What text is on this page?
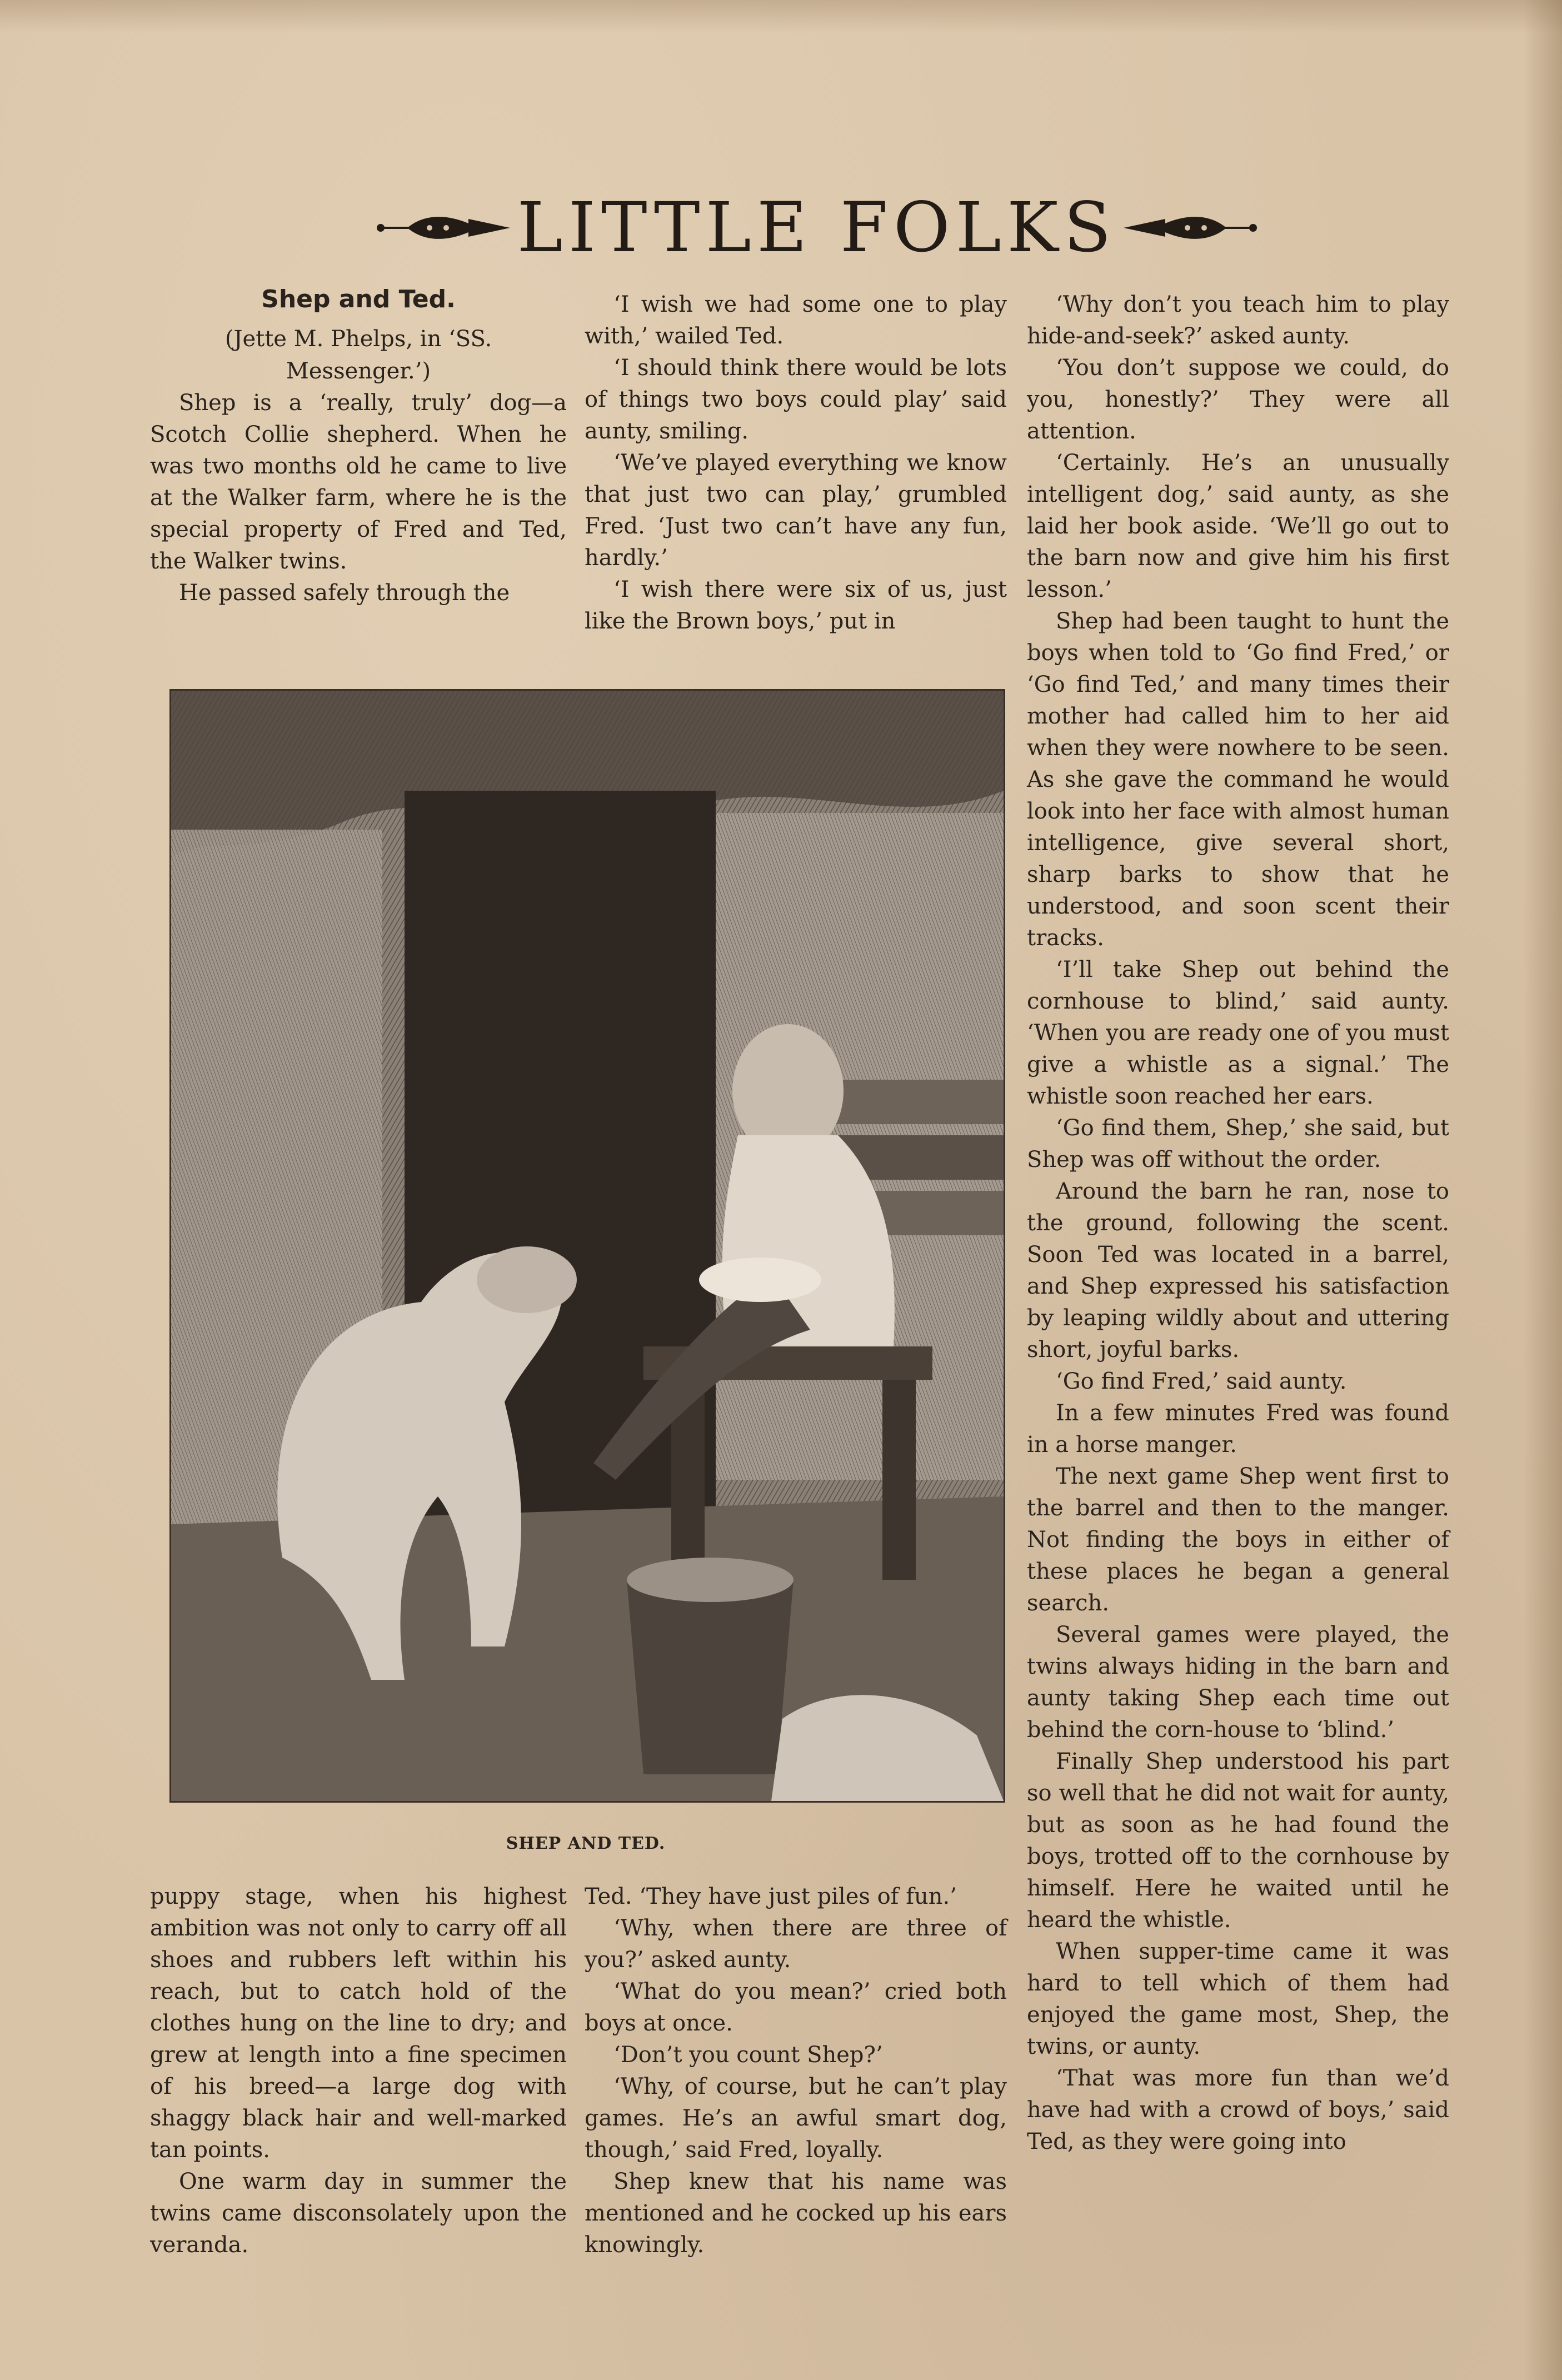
LITTLE FOLKS
Shep and Ted.

(Jette M. Phelps, in ‘SS. Messenger.’)

Shep is a ‘really, truly’ dog—a Scotch Collie shepherd. When he was two months old he came to live at the Walker farm, where he is the special property of Fred and Ted, the Walker twins.

He passed safely through the

‘I wish we had some one to play with,’ wailed Ted.

‘I should think there would be lots of things two boys could play’ said aunty, smiling.

‘We’ve played everything we know that just two can play,’ grumbled Fred. ‘Just two can’t have any fun, hardly.’

‘I wish there were six of us, just like the Brown boys,’ put in

‘Why don’t you teach him to play hide-and-seek?’ asked aunty.

‘You don’t suppose we could, do you, honestly?’ They were all attention.

‘Certainly. He’s an unusually intelligent dog,’ said aunty, as she laid her book aside. ‘We’ll go out to the barn now and give him his first lesson.’

Shep had been taught to hunt the boys when told to ‘Go find Fred,’ or ‘Go find Ted,’ and many times their mother had called him to her aid when they were nowhere to be seen. As she gave the command he would look into her face with almost human intelligence, give several short, sharp barks to show that he understood, and soon scent their tracks.

‘I’ll take Shep out behind the cornhouse to blind,’ said aunty. ‘When you are ready one of you must give a whistle as a signal.’ The whistle soon reached her ears.

‘Go find them, Shep,’ she said, but Shep was off without the order.

Around the barn he ran, nose to the ground, following the scent. Soon Ted was located in a barrel, and Shep expressed his satisfaction by leaping wildly about and uttering short, joyful barks.

‘Go find Fred,’ said aunty.

In a few minutes Fred was found in a horse manger.

The next game Shep went first to the barrel and then to the manger. Not finding the boys in either of these places he began a general search.

Several games were played, the twins always hiding in the barn and aunty taking Shep each time out behind the corn-house to ‘blind.’

Finally Shep understood his part so well that he did not wait for aunty, but as soon as he had found the boys, trotted off to the cornhouse by himself. Here he waited until he heard the whistle.

When supper-time came it was hard to tell which of them had enjoyed the game most, Shep, the twins, or aunty.

‘That was more fun than we’d have had with a crowd of boys,’ said Ted, as they were going into

SHEP AND TED.

puppy stage, when his highest ambition was not only to carry off all shoes and rubbers left within his reach, but to catch hold of the clothes hung on the line to dry; and grew at length into a fine specimen of his breed—a large dog with shaggy black hair and well-marked tan points.

One warm day in summer the twins came disconsolately upon the veranda.

Ted. ‘They have just piles of fun.’

‘Why, when there are three of you?’ asked aunty.

‘What do you mean?’ cried both boys at once.

‘Don’t you count Shep?’

‘Why, of course, but he can’t play games. He’s an awful smart dog, though,’ said Fred, loyally.

Shep knew that his name was mentioned and he cocked up his ears knowingly.
